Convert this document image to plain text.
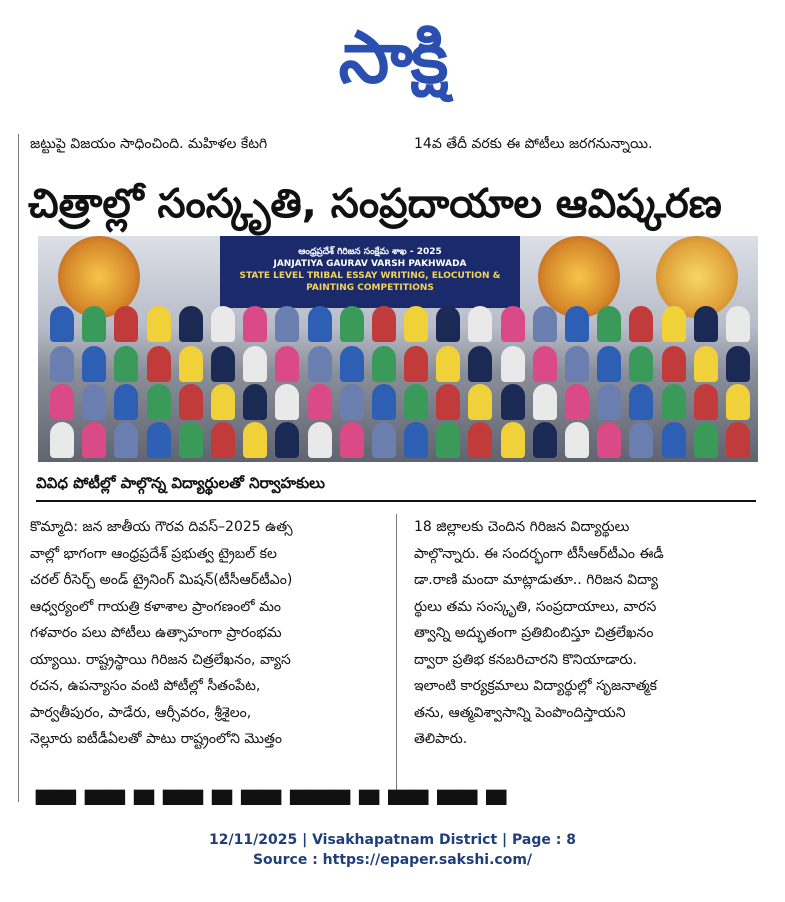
సాక్షి
జట్టుపై విజయం సాధించింది. మహిళల కేటగి	14వ తేదీ వరకు ఈ పోటీలు జరగనున్నాయి.
చిత్రాల్లో సంస్కృతి, సంప్రదాయాల ఆవిష్కరణ
ఆంధ్రప్రదేశ్ గిరిజన సంక్షేమ శాఖ - 2025
JANJATIYA GAURAV VARSH PAKHWADA
STATE LEVEL TRIBAL ESSAY WRITING, ELOCUTION & PAINTING COMPETITIONS
వివిధ పోటీల్లో పాల్గొన్న విద్యార్థులతో నిర్వాహకులు
కొమ్మాది: జన జాతీయ గౌరవ దివస్–2025 ఉత్స
వాల్లో భాగంగా ఆంధ్రప్రదేశ్ ప్రభుత్వ ట్రైబల్ కల
చరల్ రీసెర్చ్ అండ్ ట్రైనింగ్ మిషన్(టీసీఆర్‌టీఎం)
ఆధ్వర్యంలో గాయత్రి కళాశాల ప్రాంగణంలో మం
గళవారం పలు పోటీలు ఉత్సాహంగా ప్రారంభమ
య్యాయి. రాష్ట్రస్థాయి గిరిజన చిత్రలేఖనం, వ్యాస
రచన, ఉపన్యాసం వంటి పోటీల్లో సీతంపేట,
పార్వతీపురం, పాడేరు, ఆర్సీవరం, శ్రీశైలం,
నెల్లూరు ఐటీడీఏలతో పాటు రాష్ట్రంలోని మొత్తం
18 జిల్లాలకు చెందిన గిరిజన విద్యార్థులు
పాల్గొన్నారు. ఈ సందర్భంగా టీసీఆర్‌టీఎం ఈడీ
డా.రాణి మందా మాట్లాడుతూ.. గిరిజన విద్యా
ర్థులు తమ సంస్కృతి, సంప్రదాయాలు, వారస
త్వాన్ని అద్భుతంగా ప్రతిబింబిస్తూ చిత్రలేఖనం
ద్వారా ప్రతిభ కనబరిచారని కొనియాడారు.
ఇలాంటి కార్యక్రమాలు విద్యార్థుల్లో సృజనాత్మక
తను, ఆత్మవిశ్వాసాన్ని పెంపొందిస్తాయని
తెలిపారు.
▀▀ ▀▀ ▀ ▀▀ ▀ ▀▀ ▀▀▀ ▀ ▀▀ ▀▀ ▀
12/11/2025 | Visakhapatnam District | Page : 8
Source : https://epaper.sakshi.com/
